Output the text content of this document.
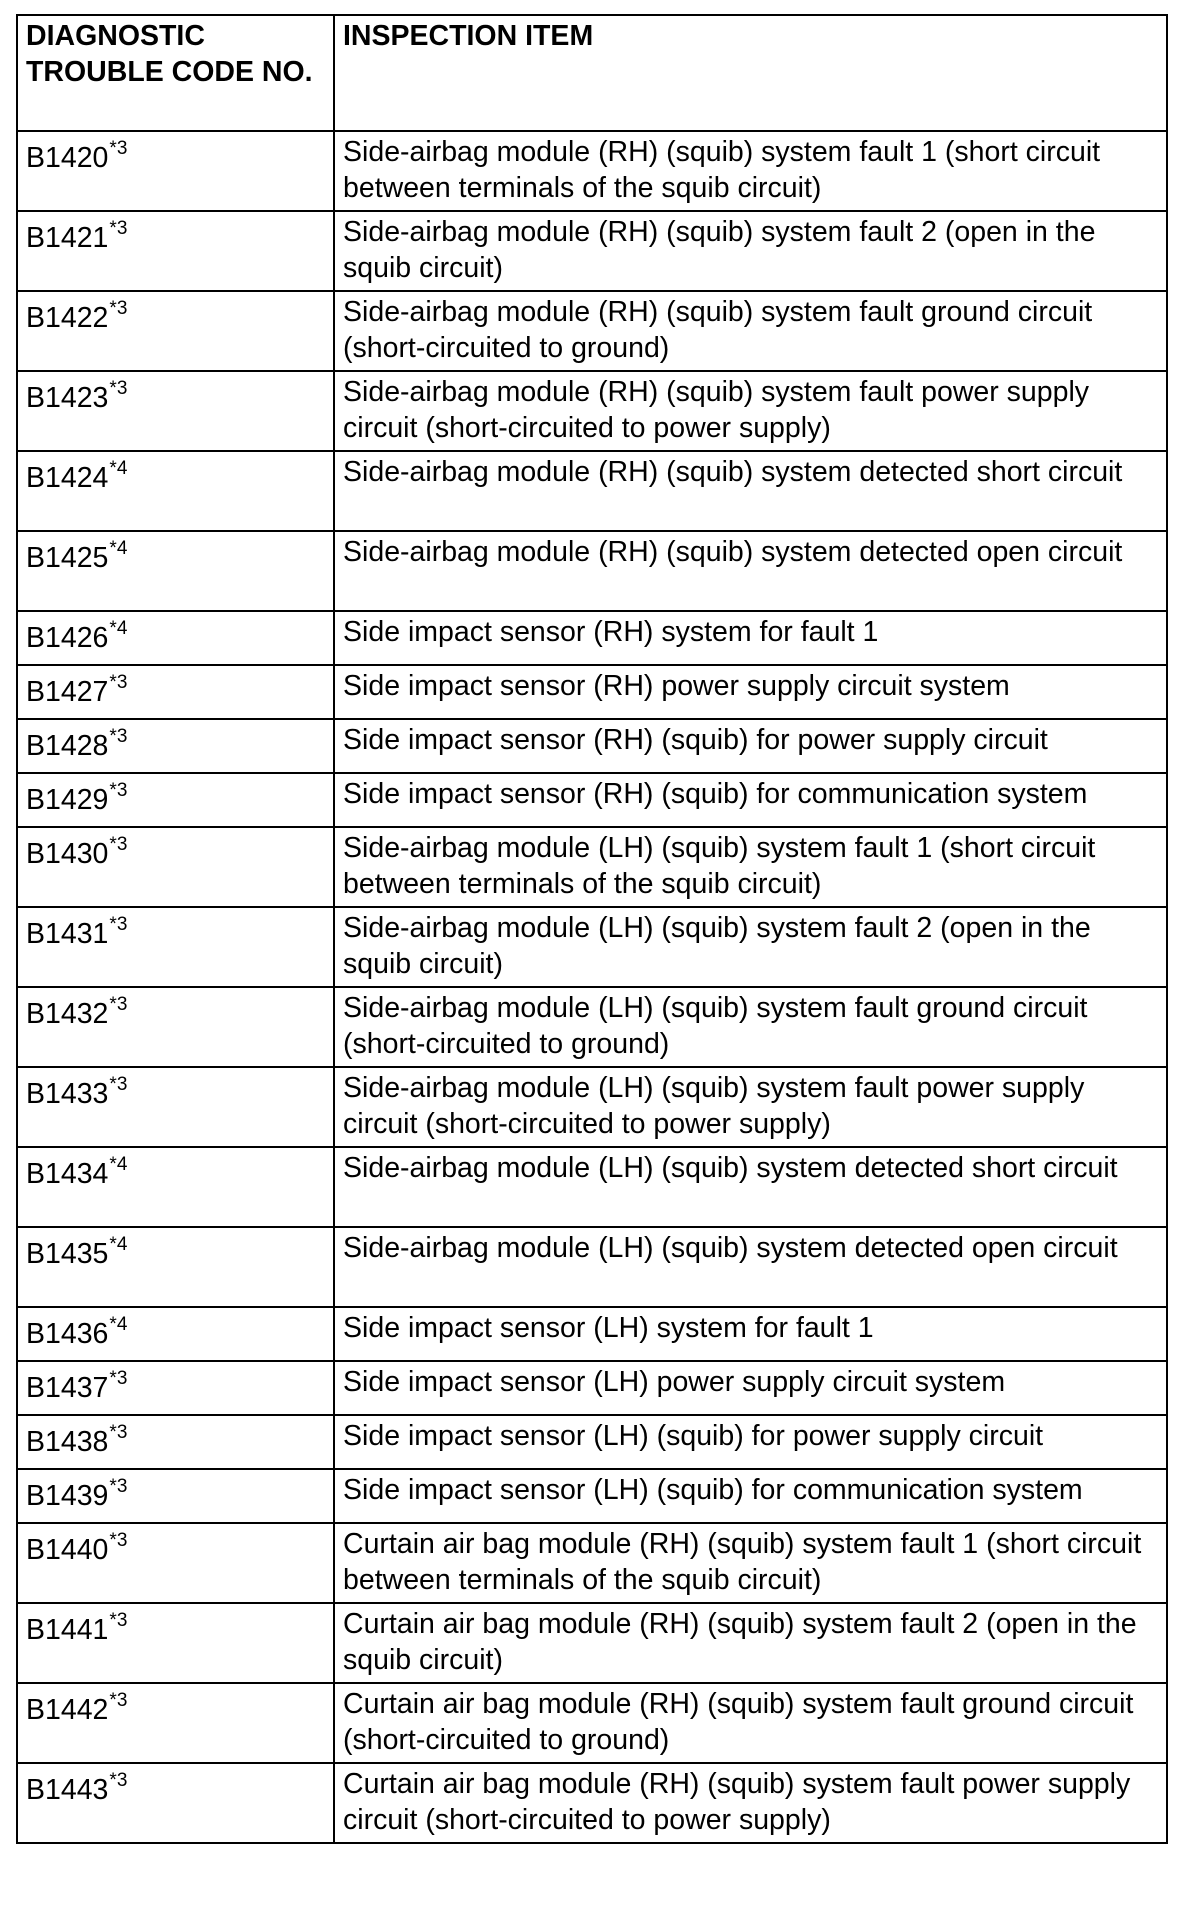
DIAGNOSTIC TROUBLE CODE NO.	INSPECTION ITEM
B1420$^{*3}$	Side-airbag module (RH) (squib) system fault 1 (short circuit between terminals of the squib circuit)
B1421$^{*3}$	Side-airbag module (RH) (squib) system fault 2 (open in the squib circuit)
B1422$^{*3}$	Side-airbag module (RH) (squib) system fault ground circuit (short-circuited to ground)
B1423$^{*3}$	Side-airbag module (RH) (squib) system fault power supply circuit (short-circuited to power supply)
B1424$^{*4}$	Side-airbag module (RH) (squib) system detected short circuit
B1425$^{*4}$	Side-airbag module (RH) (squib) system detected open circuit
B1426$^{*4}$	Side impact sensor (RH) system for fault 1
B1427$^{*3}$	Side impact sensor (RH) power supply circuit system
B1428$^{*3}$	Side impact sensor (RH) (squib) for power supply circuit
B1429$^{*3}$	Side impact sensor (RH) (squib) for communication system
B1430$^{*3}$	Side-airbag module (LH) (squib) system fault 1 (short circuit between terminals of the squib circuit)
B1431$^{*3}$	Side-airbag module (LH) (squib) system fault 2 (open in the squib circuit)
B1432$^{*3}$	Side-airbag module (LH) (squib) system fault ground circuit (short-circuited to ground)
B1433$^{*3}$	Side-airbag module (LH) (squib) system fault power supply circuit (short-circuited to power supply)
B1434$^{*4}$	Side-airbag module (LH) (squib) system detected short circuit
B1435$^{*4}$	Side-airbag module (LH) (squib) system detected open circuit
B1436$^{*4}$	Side impact sensor (LH) system for fault 1
B1437$^{*3}$	Side impact sensor (LH) power supply circuit system
B1438$^{*3}$	Side impact sensor (LH) (squib) for power supply circuit
B1439$^{*3}$	Side impact sensor (LH) (squib) for communication system
B1440$^{*3}$	Curtain air bag module (RH) (squib) system fault 1 (short circuit between terminals of the squib circuit)
B1441$^{*3}$	Curtain air bag module (RH) (squib) system fault 2 (open in the squib circuit)
B1442$^{*3}$	Curtain air bag module (RH) (squib) system fault ground circuit (short-circuited to ground)
B1443$^{*3}$	Curtain air bag module (RH) (squib) system fault power supply circuit (short-circuited to power supply)
